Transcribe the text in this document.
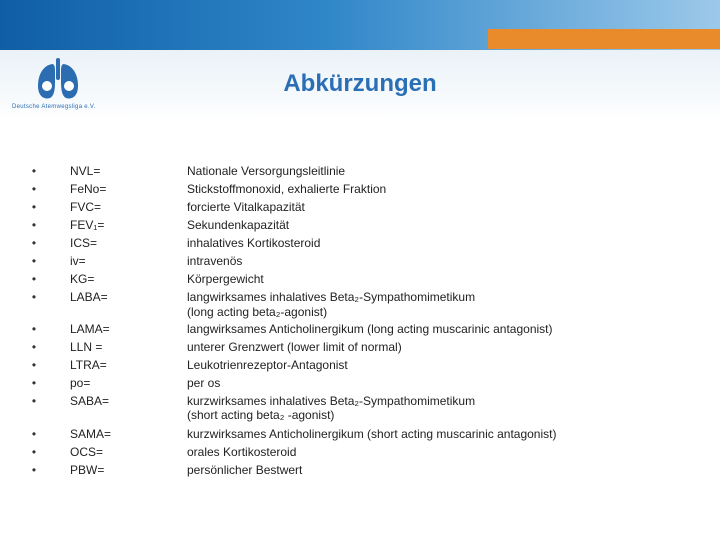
Deutsche Atemwegsliga e.V.
Abkürzungen
•	NVL=	Nationale Versorgungsleitlinie
•	FeNo=	Stickstoffmonoxid, exhalierte Fraktion
•	FVC=	forcierte Vitalkapazität
•	FEV₁=	Sekundenkapazität
•	ICS=	inhalatives Kortikosteroid
•	iv=	intravenös
•	KG=	Körpergewicht
•	LABA=	langwirksames inhalatives Beta₂-Sympathomimetikum
(long acting beta₂-agonist)
•	LAMA=	langwirksames Anticholinergikum (long acting muscarinic antagonist)
•	LLN =	unterer Grenzwert (lower limit of normal)
•	LTRA=	Leukotrienrezeptor-Antagonist
•	po=	per os
•	SABA=	kurzwirksames inhalatives Beta₂-Sympathomimetikum
(short acting beta₂ -agonist)
•	SAMA=	kurzwirksames Anticholinergikum (short acting muscarinic antagonist)
•	OCS=	orales Kortikosteroid
•	PBW=	persönlicher Bestwert
